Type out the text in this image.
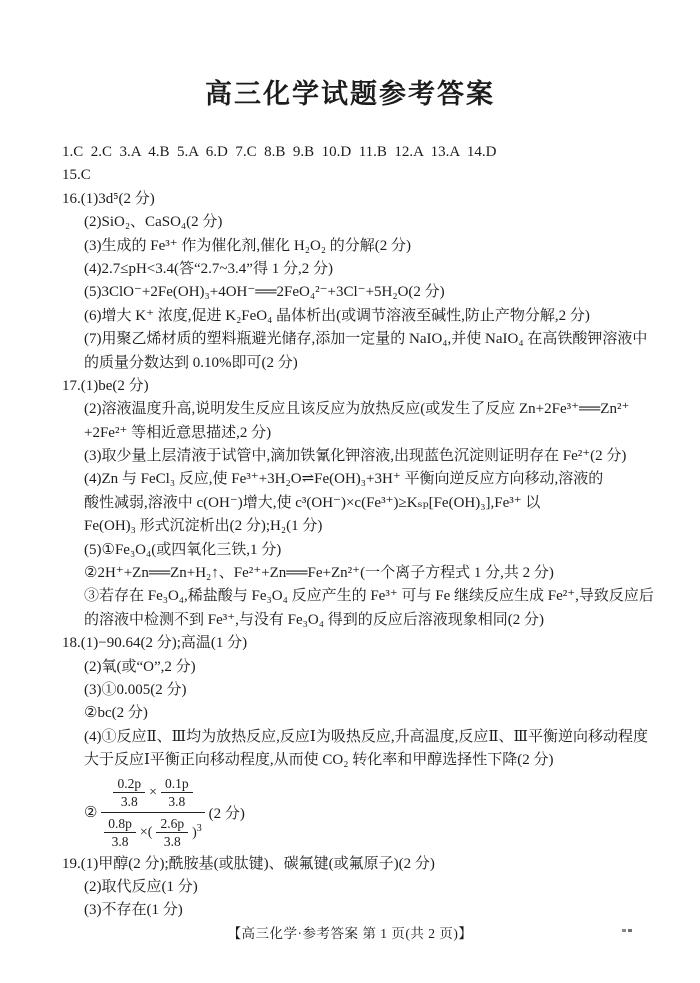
高三化学试题参考答案
1.C  2.C  3.A  4.B  5.A  6.D  7.C  8.B  9.B  10.D  11.B  12.A  13.A  14.D
15.C
16.(1)3d⁵(2 分)
(2)SiO₂、CaSO₄(2 分)
(3)生成的 Fe³⁺ 作为催化剂,催化 H₂O₂ 的分解(2 分)
(4)2.7≤pH<3.4(答“2.7~3.4”得 1 分,2 分)
(5)3ClO⁻+2Fe(OH)₃+4OH⁻══2FeO₄²⁻+3Cl⁻+5H₂O(2 分)
(6)增大 K⁺ 浓度,促进 K₂FeO₄ 晶体析出(或调节溶液至碱性,防止产物分解,2 分)
(7)用聚乙烯材质的塑料瓶避光储存,添加一定量的 NaIO₄,并使 NaIO₄ 在高铁酸钾溶液中
的质量分数达到 0.10%即可(2 分)
17.(1)be(2 分)
(2)溶液温度升高,说明发生反应且该反应为放热反应(或发生了反应 Zn+2Fe³⁺══Zn²⁺
+2Fe²⁺ 等相近意思描述,2 分)
(3)取少量上层清液于试管中,滴加铁氰化钾溶液,出现蓝色沉淀则证明存在 Fe²⁺(2 分)
(4)Zn 与 FeCl₃ 反应,使 Fe³⁺+3H₂O⇌Fe(OH)₃+3H⁺ 平衡向逆反应方向移动,溶液的
酸性减弱,溶液中 c(OH⁻)增大,使 c³(OH⁻)×c(Fe³⁺)≥Kₛₚ[Fe(OH)₃],Fe³⁺ 以
Fe(OH)₃ 形式沉淀析出(2 分);H₂(1 分)
(5)①Fe₃O₄(或四氧化三铁,1 分)
②2H⁺+Zn══Zn+H₂↑、Fe²⁺+Zn══Fe+Zn²⁺(一个离子方程式 1 分,共 2 分)
③若存在 Fe₃O₄,稀盐酸与 Fe₃O₄ 反应产生的 Fe³⁺ 可与 Fe 继续反应生成 Fe²⁺,导致反应后
的溶液中检测不到 Fe³⁺,与没有 Fe₃O₄ 得到的反应后溶液现象相同(2 分)
18.(1)−90.64(2 分);高温(1 分)
(2)氧(或“O”,2 分)
(3)①0.005(2 分)
②bc(2 分)
(4)①反应Ⅱ、Ⅲ均为放热反应,反应Ⅰ为吸热反应,升高温度,反应Ⅱ、Ⅲ平衡逆向移动程度
大于反应Ⅰ平衡正向移动程度,从而使 CO₂ 转化率和甲醇选择性下降(2 分)
②
$\frac{0.2p}{3.8} \times \frac{0.1p}{3.8}$
$\frac{0.8p}{3.8}$ ×(
2.6p
3.8
)$^3$
(2 分)
19.(1)甲醇(2 分);酰胺基(或肽键)、碳氟键(或氟原子)(2 分)
(2)取代反应(1 分)
(3)不存在(1 分)
【高三化学·参考答案 第 1 页(共 2 页)】
